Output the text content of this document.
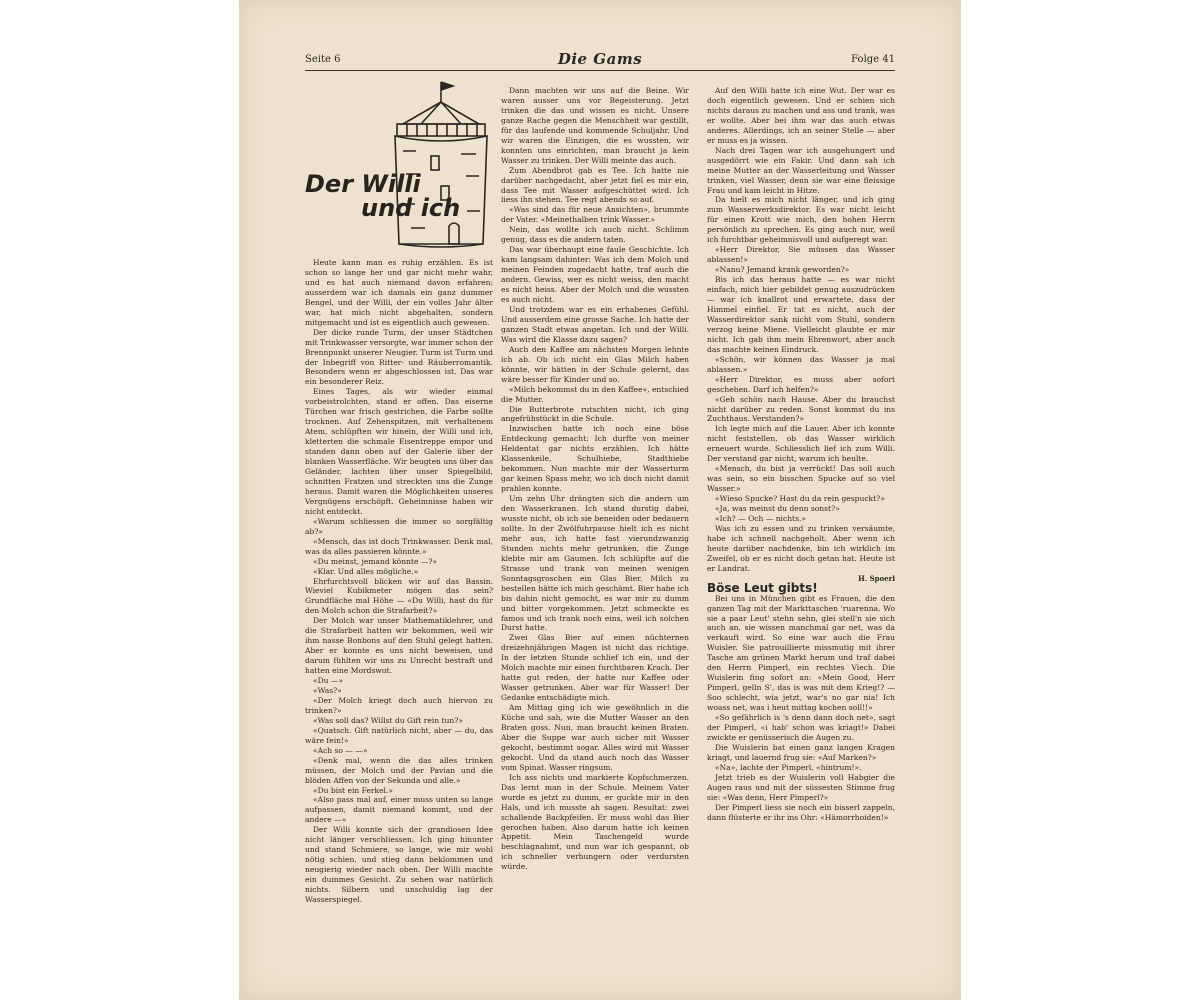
Seite 6	Die Gams	Folge 41
Der Willi
und ich

Heute kann man es ruhig erzählen. Es ist schon so lange her und gar nicht mehr wahr, und es hat auch niemand davon erfahren; ausserdem war ich damals ein ganz dummer Bengel, und der Willi, der ein volles Jahr älter war, hat mich nicht abgehalten, sondern mitgemacht und ist es eigentlich auch gewesen.

Der dicke runde Turm, der unser Städtchen mit Trinkwasser versorgte, war immer schon der Brennpunkt unserer Neugier. Turm ist Turm und der Inbegriff von Ritter- und Räuberromantik. Besonders wenn er abgeschlossen ist. Das war ein besonderer Reiz.

Eines Tages, als wir wieder einmal vorbeistrolchten, stand er offen. Das eiserne Türchen war frisch gestrichen, die Farbe sollte trocknen. Auf Zehenspitzen, mit verhaltenem Atem, schlüpften wir hinein, der Willi und ich, kletterten die schmale Eisentreppe empor und standen dann oben auf der Galerie über der blanken Wasserfläche. Wir beugten uns über das Geländer, lachten über unser Spiegelbild, schnitten Fratzen und streckten uns die Zunge heraus. Damit waren die Möglichkeiten unseres Vergnügens erschöpft. Geheimnisse haben wir nicht entdeckt.

«Warum schliessen die immer so sorgfältig ab?»

«Mensch, das ist doch Trinkwasser. Denk mal, was da alles passieren könnte.»

«Du meinst, jemand könnte —?»

«Klar. Und alles mögliche.»

Ehrfurchtsvoll blicken wir auf das Bassin. Wieviel Kubikmeter mögen das sein? Grundfläche mal Höhe — «Du Willi, hast du für den Molch schon die Strafarbeit?»

Der Molch war unser Mathematiklehrer, und die Strafarbeit hatten wir bekommen, weil wir ihm nasse Bonbons auf den Stuhl gelegt hatten. Aber er konnte es uns nicht beweisen, und darum fühlten wir uns zu Unrecht bestraft und hatten eine Mordswut.

«Du —»

«Was?»

«Der Molch kriegt doch auch hiervon zu trinken?»

«Was soll das? Willst du Gift rein tun?»

«Quatsch. Gift natürlich nicht, aber — du, das wäre fein!»

«Ach so — —»

«Denk mal, wenn die das alles trinken müssen, der Molch und der Pavian und die blöden Affen von der Sekunda und alle.»

«Du bist ein Ferkel.»

«Also pass mal auf, einer muss unten so lange aufpassen, damit niemand kommt, und der andere —»

Der Willi konnte sich der grandiosen Idee nicht länger verschliessen. Ich ging hinunter und stand Schmiere, so lange, wie mir wohl nötig schien, und stieg dann beklommen und neugierig wieder nach oben. Der Willi machte ein dummes Gesicht. Zu sehen war natürlich nichts. Silbern und unschuldig lag der Wasserspiegel.

Dann machten wir uns auf die Beine. Wir waren ausser uns vor Begeisterung. Jetzt trinken die das und wissen es nicht. Unsere ganze Rache gegen die Menschheit war gestillt, für das laufende und kommende Schuljahr. Und wir waren die Einzigen, die es wussten, wir konnten uns einrichten, man braucht ja kein Wasser zu trinken. Der Willi meinte das auch.

Zum Abendbrot gab es Tee. Ich hatte nie darüber nachgedacht, aber jetzt fiel es mir ein, dass Tee mit Wasser aufgeschüttet wird. Ich liess ihn stehen. Tee regt abends so auf.

«Was sind das für neue Ansichten», brummte der Vater. «Meinethalben trink Wasser.»

Nein, das wollte ich auch nicht. Schlimm genug, dass es die andern taten.

Das war überhaupt eine faule Geschichte. Ich kam langsam dahinter: Was ich dem Molch und meinen Feinden zugedacht hatte, traf auch die andern. Gewiss, wer es nicht weiss, den macht es nicht heiss. Aber der Molch und die wussten es auch nicht.

Und trotzdem war es ein erhabenes Gefühl. Und ausserdem eine grosse Sache. Ich hatte der ganzen Stadt etwas angetan. Ich und der Willi. Was wird die Klasse dazu sagen?

Auch den Kaffee am nächsten Morgen lehnte ich ab. Ob ich nicht ein Glas Milch haben könnte, wir hätten in der Schule gelernt, das wäre besser für Kinder und so.

«Milch bekommst du in den Kaffee», entschied die Mutter.

Die Butterbrote rutschten nicht, ich ging angefrühstückt in die Schule.

Inzwischen hatte ich noch eine böse Entdeckung gemacht: Ich durfte von meiner Heldentat gar nichts erzählen. Ich hätte Klassenkeile, Schulhiebe, Stadthiebe bekommen. Nun machte mir der Wasserturm gar keinen Spass mehr, wo ich doch nicht damit prahlen konnte.

Um zehn Uhr drängten sich die andern um den Wasserkranen. Ich stand durstig dabei, wusste nicht, ob ich sie beneiden oder bedauern sollte. In der Zwölfuhrpause hielt ich es nicht mehr aus, ich hatte fast vierundzwanzig Stunden nichts mehr getrunken, die Zunge klebte mir am Gaumen. Ich schlüpfte auf die Strasse und trank von meinen wenigen Sonntagsgroschen ein Glas Bier. Milch zu bestellen hätte ich mich geschämt. Bier habe ich bis dahin nicht gemocht, es war mir zu dumm und bitter vorgekommen. Jetzt schmeckte es famos und ich trank noch eins, weil ich solchen Durst hatte.

Zwei Glas Bier auf einen nüchternen dreizehnjährigen Magen ist nicht das richtige. In der letzten Stunde schlief ich ein, und der Molch machte mir einen furchtbaren Krach. Der hatte gut reden, der hatte nur Kaffee oder Wasser getrunken. Aber war für Wasser! Der Gedanke entschädigte mich.

Am Mittag ging ich wie gewöhnlich in die Küche und sah, wie die Mutter Wasser an den Braten goss. Nun, man braucht keinen Braten. Aber die Suppe war auch sicher mit Wasser gekocht, bestimmt sogar. Alles wird mit Wasser gekocht. Und da stand auch noch das Wasser vom Spinat. Wasser ringsum.

Ich ass nichts und markierte Kopfschmerzen. Das lernt man in der Schule. Meinem Vater wurde es jetzt zu dumm, er guckte mir in den Hals, und ich musste ah sagen. Resultat: zwei schallende Backpfeifen. Er muss wohl das Bier gerochen haben. Also darum hatte ich keinen Appetit. Mein Taschengeld wurde beschlagnahmt, und nun war ich gespannt, ob ich schneller verhungern oder verdursten würde.

Auf den Willi hatte ich eine Wut. Der war es doch eigentlich gewesen. Und er schien sich nichts daraus zu machen und ass und trank, was er wollte. Aber bei ihm war das auch etwas anderes. Allerdings, ich an seiner Stelle — aber er muss es ja wissen.

Nach drei Tagen war ich ausgehungert und ausgedörrt wie ein Fakir. Und dann sah ich meine Mutter an der Wasserleitung und Wasser trinken, viel Wasser, denn sie war eine fleissige Frau und kam leicht in Hitze.

Da hielt es mich nicht länger, und ich ging zum Wasserwerksdirektor. Es war nicht leicht für einen Krott wie mich, den hohen Herrn persönlich zu sprechen. Es ging auch nur, weil ich furchtbar geheimnisvoll und aufgeregt war.

«Herr Direktor, Sie müssen das Wasser ablassen!»

«Nanu? Jemand krank geworden?»

Bis ich das heraus hatte — es war nicht einfach, mich hier gebildet genug auszudrücken — war ich knallrot und erwartete, dass der Himmel einfiel. Er tat es nicht, auch der Wasserdirektor sank nicht vom Stuhl, sondern verzog keine Miene. Vielleicht glaubte er mir nicht. Ich gab ihm mein Ehrenwort, aber auch das machte keinen Eindruck.

«Schön, wir können das Wasser ja mal ablassen.»

«Herr Direktor, es muss aber sofort geschehen. Darf ich helfen?»

«Geh schön nach Hause. Aber du brauchst nicht darüber zu reden. Sonst kommst du ins Zuchthaus. Verstanden?»

Ich legte mich auf die Lauer. Aber ich konnte nicht feststellen, ob das Wasser wirklich erneuert wurde. Schliesslich lief ich zum Willi. Der verstand gar nicht, warum ich heulte.

«Mensch, du bist ja verrückt! Das soll auch was sein, so ein bisschen Spucke auf so viel Wasser.»

«Wieso Spucke? Hast du da rein gespuckt?»

«Ja, was meinst du denn sonst?»

«Ich? — Och — nichts.»

Was ich zu essen und zu trinken versäumte, habe ich schnell nachgeholt. Aber wenn ich heute darüber nachdenke, bin ich wirklich im Zweifel, ob er es nicht doch getan hat. Heute ist er Landrat.

H. Spoerl

Böse Leut gibts!

Bei uns in München gibt es Frauen, die den ganzen Tag mit der Markttaschen 'ruarenna. Wo sie a paar Leut' stehn sehn, glei stell'n sie sich auch an, sie wissen manchmal gar net, was da verkauft wird. So eine war auch die Frau Wuisler. Sie patrouillierte missmutig mit ihrer Tasche am grünen Markt herum und traf dabei den Herrn Pimperl, ein rechtes Viech. Die Wuislerin fing sofort an: «Mein Good, Herr Pimperl, gelln S', das is was mit dem Krieg!? — Soo schlecht, wia jetzt, war's no gar nia! Ich woass net, was i heut mittag kochen soll!!»

«So gefährlich is 's denn dann doch net», sagt der Pimperl, «i hab' schon was kriagt!» Dabei zwickte er genüsserisch die Augen zu.

Die Wuislerin bat einen ganz langen Kragen kriagt, und lauernd frug sie: «Auf Marken?»

«Na», lachte der Pimperl, «hintrum!».

Jetzt trieb es der Wuislerin voll Habgier die Augen raus und mit der süssesten Stimme frug sie: «Was denn, Herr Pimperl?»

Der Pimperl liess sie noch ein bisserl zappeln, dann flüsterte er ihr ins Ohr: «Hämorrhoiden!»
